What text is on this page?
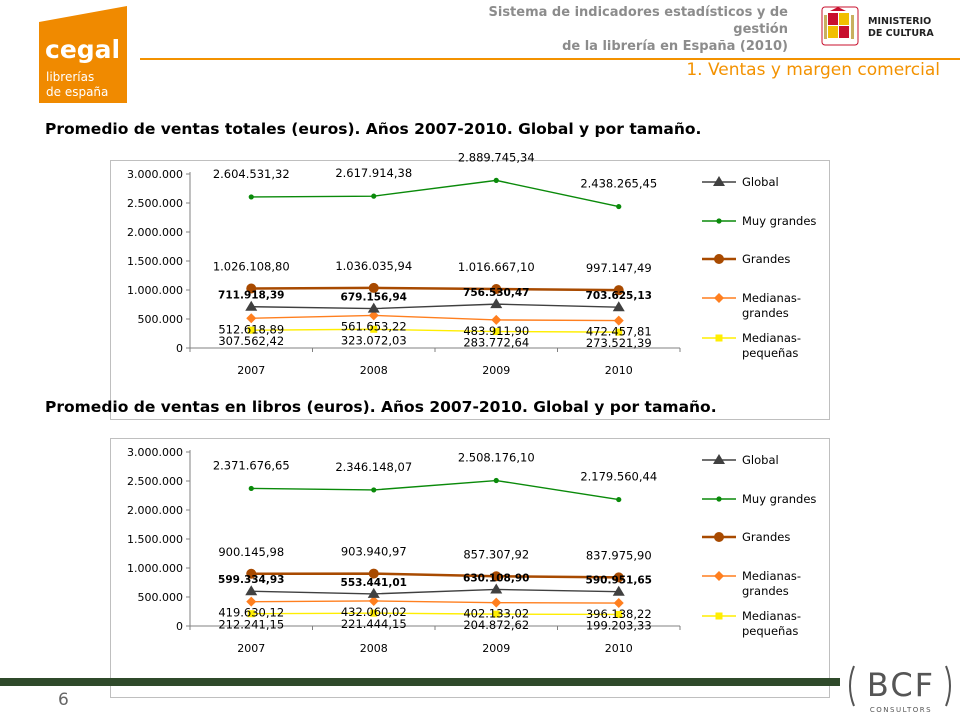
cegal
librerías
de españa
Sistema de indicadores estadísticos y de gestión
de la librería en España (2010)
MINISTERIO
DE CULTURA
1. Ventas y margen comercial
Promedio de ventas totales (euros). Años 2007-2010. Global y por tamaño.
0
500.000
1.000.000
1.500.000
2.000.000
2.500.000
3.000.000
2007	2008	2009	2010
711.918,39	679.156,94	756.530,47	703.625,13
2.604.531,32	2.617.914,38
2.889.745,34
2.438.265,45
1.026.108,80	1.036.035,94	1.016.667,10	997.147,49
512.618,89	561.653,22	483.911,90	472.457,81
307.562,42	323.072,03	283.772,64	273.521,39
Global
Muy grandes
Grandes
Medianas-grandes
Medianas-pequeñas
Promedio de ventas en libros (euros). Años 2007-2010. Global y por tamaño.
0
500.000
1.000.000
1.500.000
2.000.000
2.500.000
3.000.000
2007	2008	2009	2010
599.334,93	553.441,01	630.108,90	590.951,65
2.371.676,65	2.346.148,07
2.508.176,10
2.179.560,44
900.145,98	903.940,97	857.307,92	837.975,90
419.630,12	432.060,02	402.133,02	396.138,22
212.241,15	221.444,15	204.872,62	199.203,33
Global
Muy grandes
Grandes
Medianas-grandes
Medianas-pequeñas
6	BCF
CONSULTORS
